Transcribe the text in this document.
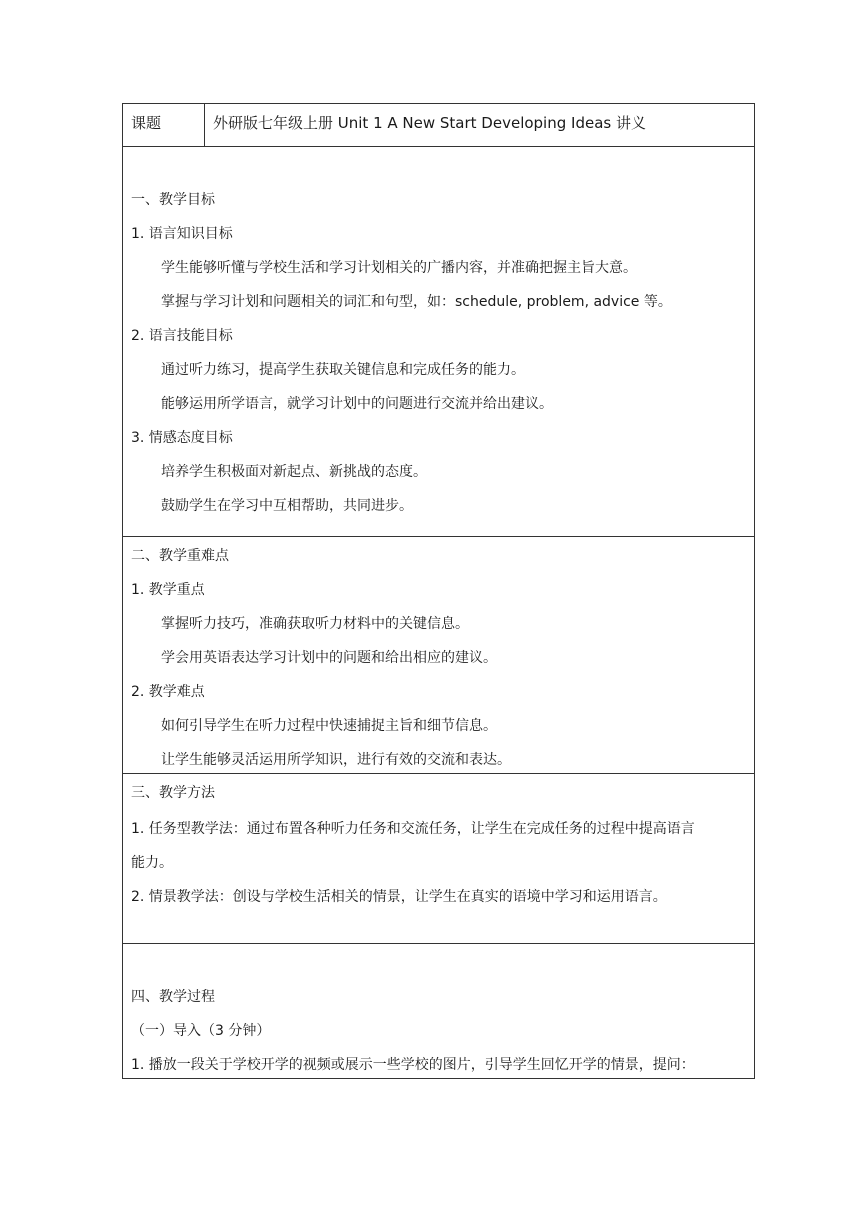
课题	外研版七年级上册 Unit 1 A New Start Developing Ideas 讲义
一、教学目标
1. 语言知识目标
学生能够听懂与学校生活和学习计划相关的广播内容，并准确把握主旨大意。
掌握与学习计划和问题相关的词汇和句型，如：schedule, problem, advice 等。
2. 语言技能目标
通过听力练习，提高学生获取关键信息和完成任务的能力。
能够运用所学语言，就学习计划中的问题进行交流并给出建议。
3. 情感态度目标
培养学生积极面对新起点、新挑战的态度。
鼓励学生在学习中互相帮助，共同进步。
二、教学重难点
1. 教学重点
掌握听力技巧，准确获取听力材料中的关键信息。
学会用英语表达学习计划中的问题和给出相应的建议。
2. 教学难点
如何引导学生在听力过程中快速捕捉主旨和细节信息。
让学生能够灵活运用所学知识，进行有效的交流和表达。
三、教学方法
1. 任务型教学法：通过布置各种听力任务和交流任务，让学生在完成任务的过程中提高语言
能力。
2. 情景教学法：创设与学校生活相关的情景，让学生在真实的语境中学习和运用语言。
四、教学过程
（一）导入（3 分钟）
1. 播放一段关于学校开学的视频或展示一些学校的图片，引导学生回忆开学的情景，提问：
